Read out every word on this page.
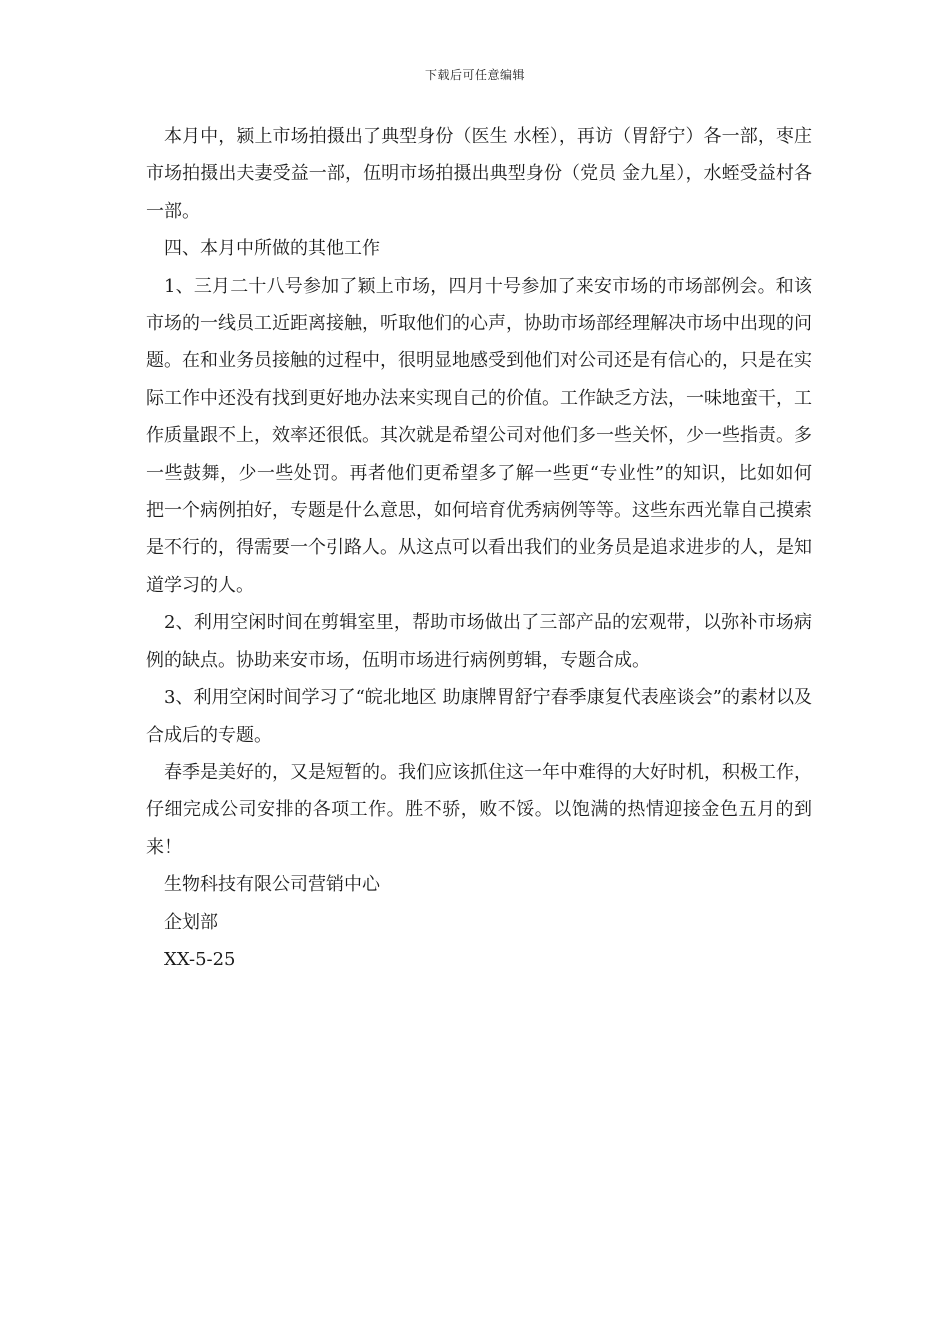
下载后可任意编辑

本月中，颍上市场拍摄出了典型身份（医生 水桎），再访（胃舒宁）各一部，枣庄市场拍摄出夫妻受益一部，伍明市场拍摄出典型身份（党员 金九星），水蛭受益村各一部。

四、本月中所做的其他工作

1、三月二十八号参加了颖上市场，四月十号参加了来安市场的市场部例会。和该市场的一线员工近距离接触，听取他们的心声，协助市场部经理解决市场中出现的问题。在和业务员接触的过程中，很明显地感受到他们对公司还是有信心的，只是在实际工作中还没有找到更好地办法来实现自己的价值。工作缺乏方法，一味地蛮干，工作质量跟不上，效率还很低。其次就是希望公司对他们多一些关怀，少一些指责。多一些鼓舞，少一些处罚。再者他们更希望多了解一些更“专业性”的知识，比如如何把一个病例拍好，专题是什么意思，如何培育优秀病例等等。这些东西光靠自己摸索是不行的，得需要一个引路人。从这点可以看出我们的业务员是追求进步的人，是知道学习的人。

2、利用空闲时间在剪辑室里，帮助市场做出了三部产品的宏观带，以弥补市场病例的缺点。协助来安市场，伍明市场进行病例剪辑，专题合成。

3、利用空闲时间学习了“皖北地区 助康牌胃舒宁春季康复代表座谈会”的素材以及合成后的专题。

春季是美好的，又是短暂的。我们应该抓住这一年中难得的大好时机，积极工作，仔细完成公司安排的各项工作。胜不骄，败不馁。以饱满的热情迎接金色五月的到来！

生物科技有限公司营销中心

企划部

XX-5-25
